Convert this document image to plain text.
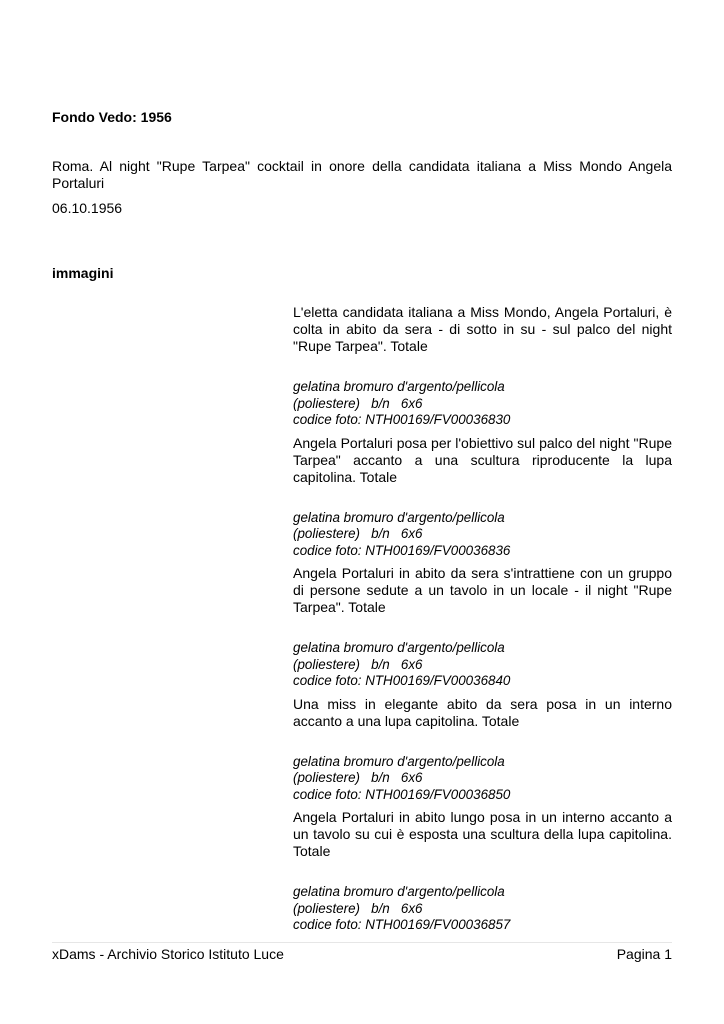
Fondo Vedo: 1956

Roma. Al night "Rupe Tarpea" cocktail in onore della candidata italiana a Miss Mondo Angela Portaluri

06.10.1956

immagini

L'eletta candidata italiana a Miss Mondo, Angela Portaluri, è colta in abito da sera - di sotto in su - sul palco del night "Rupe Tarpea". Totale

gelatina bromuro d'argento/pellicola

(poliestere)   b/n   6x6

codice foto: NTH00169/FV00036830

Angela Portaluri posa per l'obiettivo sul palco del night "Rupe Tarpea" accanto a una scultura riproducente la lupa capitolina. Totale

gelatina bromuro d'argento/pellicola

(poliestere)   b/n   6x6

codice foto: NTH00169/FV00036836

Angela Portaluri in abito da sera s'intrattiene con un gruppo di persone sedute a un tavolo in un locale - il night "Rupe Tarpea". Totale

gelatina bromuro d'argento/pellicola

(poliestere)   b/n   6x6

codice foto: NTH00169/FV00036840

Una miss in elegante abito da sera posa in un interno accanto a una lupa capitolina. Totale

gelatina bromuro d'argento/pellicola

(poliestere)   b/n   6x6

codice foto: NTH00169/FV00036850

Angela Portaluri in abito lungo posa in un interno accanto a un tavolo su cui è esposta una scultura della lupa capitolina. Totale

gelatina bromuro d'argento/pellicola

(poliestere)   b/n   6x6

codice foto: NTH00169/FV00036857

xDams - Archivio Storico Istituto Luce	Pagina 1
